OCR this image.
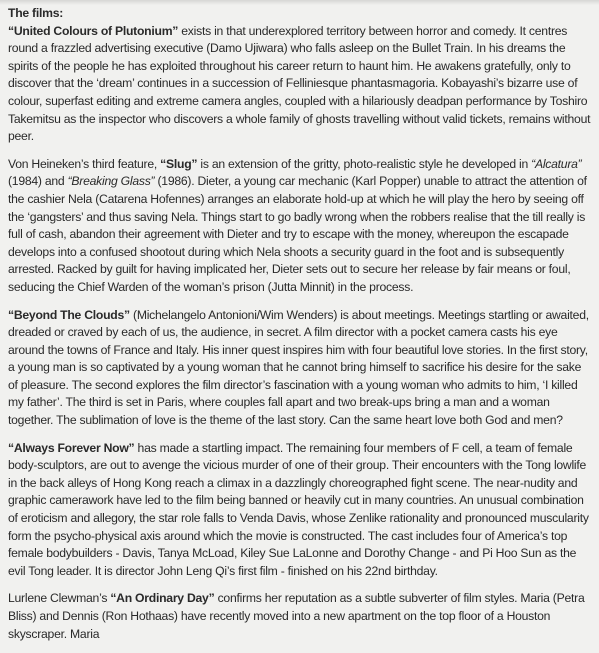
The films:

“United Colours of Plutonium” exists in that underexplored territory between horror and comedy. It centres round a frazzled advertising executive (Damo Ujiwara) who falls asleep on the Bullet Train. In his dreams the spirits of the people he has exploited throughout his career return to haunt him. He awakens gratefully, only to discover that the ‘dream’ continues in a succession of Felliniesque phantasmagoria. Kobayashi’s bizarre use of colour, superfast editing and extreme camera angles, coupled with a hilariously deadpan performance by Toshiro Takemitsu as the inspector who discovers a whole family of ghosts travelling without valid tickets, remains without peer.

Von Heineken’s third feature, “Slug” is an extension of the gritty, photo-realistic style he developed in “Alcatura” (1984) and “Breaking Glass” (1986). Dieter, a young car mechanic (Karl Popper) unable to attract the attention of the cashier Nela (Catarena Hofennes) arranges an elaborate hold-up at which he will play the hero by seeing off the ‘gangsters’ and thus saving Nela. Things start to go badly wrong when the robbers realise that the till really is full of cash, abandon their agreement with Dieter and try to escape with the money, whereupon the escapade develops into a confused shootout during which Nela shoots a security guard in the foot and is subsequently arrested. Racked by guilt for having implicated her, Dieter sets out to secure her release by fair means or foul, seducing the Chief Warden of the woman’s prison (Jutta Minnit) in the process.

“Beyond The Clouds” (Michelangelo Antonioni/Wim Wenders) is about meetings. Meetings startling or awaited, dreaded or craved by each of us, the audience, in secret. A film director with a pocket camera casts his eye around the towns of France and Italy. His inner quest inspires him with four beautiful love stories. In the first story, a young man is so captivated by a young woman that he cannot bring himself to sacrifice his desire for the sake of pleasure. The second explores the film director’s fascination with a young woman who admits to him, ‘I killed my father’. The third is set in Paris, where couples fall apart and two break-ups bring a man and a woman together. The sublimation of love is the theme of the last story. Can the same heart love both God and men?

“Always Forever Now” has made a startling impact. The remaining four members of F cell, a team of female body-sculptors, are out to avenge the vicious murder of one of their group. Their encounters with the Tong lowlife in the back alleys of Hong Kong reach a climax in a dazzlingly choreographed fight scene. The near-nudity and graphic camerawork have led to the film being banned or heavily cut in many countries. An unusual combination of eroticism and allegory, the star role falls to Venda Davis, whose Zenlike rationality and pronounced muscularity form the psycho-physical axis around which the movie is constructed. The cast includes four of America’s top female bodybuilders - Davis, Tanya McLoad, Kiley Sue LaLonne and Dorothy Change - and Pi Hoo Sun as the evil Tong leader. It is director John Leng Qi’s first film - finished on his 22nd birthday.

Lurlene Clewman’s “An Ordinary Day” confirms her reputation as a subtle subverter of film styles. Maria (Petra Bliss) and Dennis (Ron Hothaas) have recently moved into a new apartment on the top floor of a Houston skyscraper. Maria
